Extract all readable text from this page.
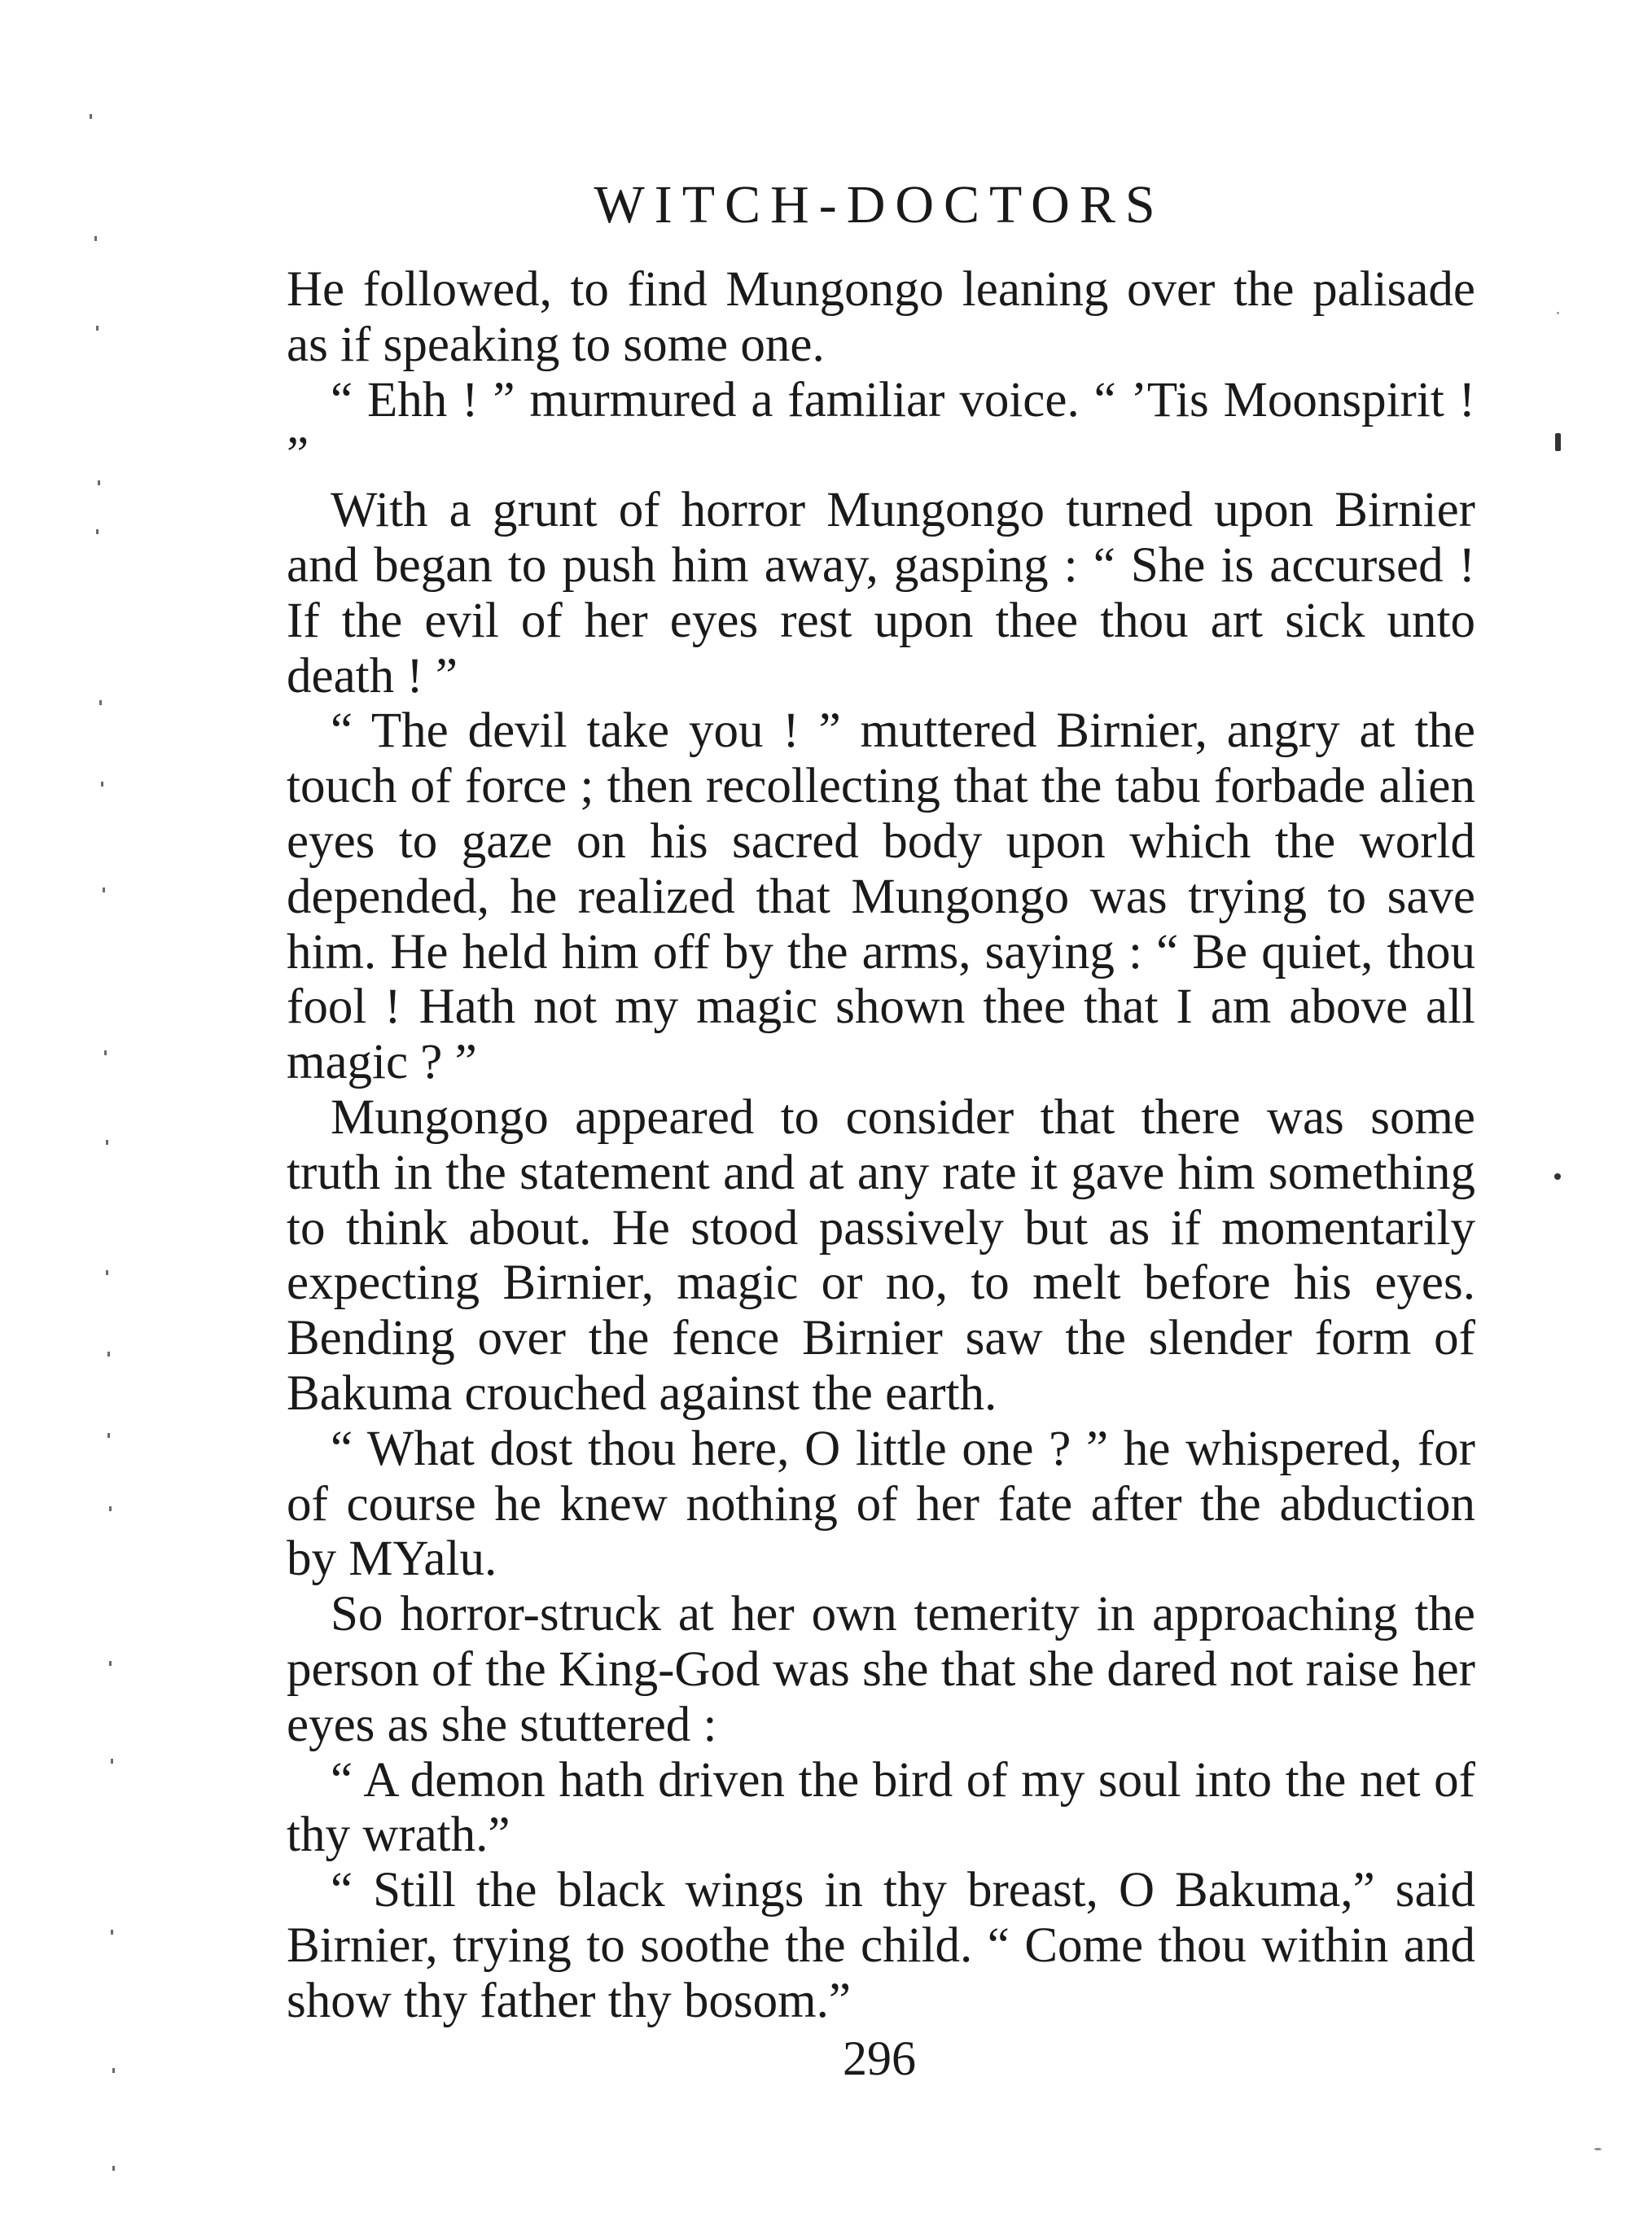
WITCH-DOCTORS

He followed, to find Mungongo leaning over the palisade as if speaking to some one.

“ Ehh ! ” murmured a familiar voice. “ ’Tis Moonspirit ! ”

With a grunt of horror Mungongo turned upon Birnier and began to push him away, gasping : “ She is accursed ! If the evil of her eyes rest upon thee thou art sick unto death ! ”

“ The devil take you ! ” muttered Birnier, angry at the touch of force ; then recollecting that the tabu forbade alien eyes to gaze on his sacred body upon which the world depended, he realized that Mungongo was trying to save him. He held him off by the arms, saying : “ Be quiet, thou fool ! Hath not my magic shown thee that I am above all magic ? ”

Mungongo appeared to consider that there was some truth in the statement and at any rate it gave him something to think about. He stood passively but as if momentarily expecting Birnier, magic or no, to melt before his eyes. Bending over the fence Birnier saw the slender form of Bakuma crouched against the earth.

“ What dost thou here, O little one ? ” he whispered, for of course he knew nothing of her fate after the abduction by MYalu.

So horror-struck at her own temerity in approaching the person of the King-God was she that she dared not raise her eyes as she stuttered :

“ A demon hath driven the bird of my soul into the net of thy wrath.”

“ Still the black wings in thy breast, O Bakuma,” said Birnier, trying to soothe the child. “ Come thou within and show thy father thy bosom.”

296
